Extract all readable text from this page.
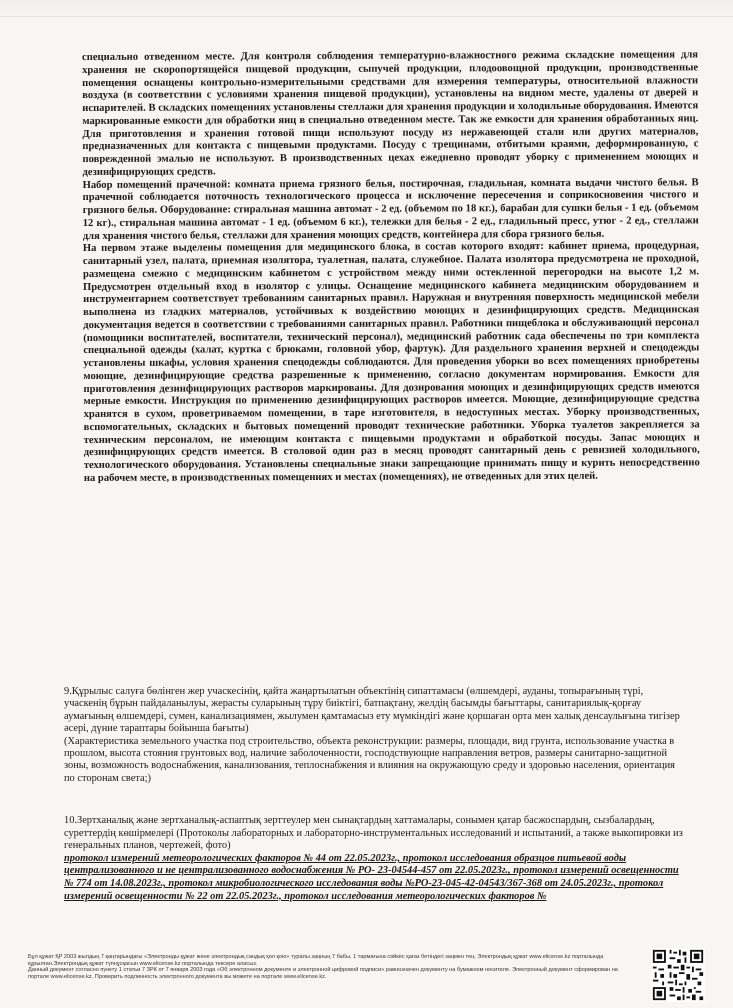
специально отведенном месте. Для контроля соблюдения температурно-влажностного режима складские помещения для хранения не скоропортящейся пищевой продукции, сыпучей продукции, плодоовощной продукции, производственные помещения оснащены контрольно-измерительными средствами для измерения температуры, относительной влажности воздуха (в соответствии с условиями хранения пищевой продукции), установлены на видном месте, удалены от дверей и испарителей. В складских помещениях установлены стеллажи для хранения продукции и холодильные оборудования. Имеются маркированные емкости для обработки яиц в специально отведенном месте. Так же емкости для хранения обработанных яиц. Для приготовления и хранения готовой пищи используют посуду из нержавеющей стали или других материалов, предназначенных для контакта с пищевыми продуктами. Посуду с трещинами, отбитыми краями, деформированную, с поврежденной эмалью не используют. В производственных цехах ежедневно проводят уборку с применением моющих и дезинфицирующих средств.

Набор помещений прачечной: комната приема грязного белья, постирочная, гладильная, комната выдачи чистого белья. В прачечной соблюдается поточность технологического процесса и исключение пересечения и соприкосновения чистого и грязного белья. Оборудование: стиральная машина автомат - 2 ед. (объемом по 18 кг.), барабан для сушки белья - 1 ед. (объемом 12 кг)., стиральная машина автомат - 1 ед. (объемом 6 кг.), тележки для белья - 2 ед., гладильный пресс, утюг - 2 ед., стеллажи для хранения чистого белья, стеллажи для хранения моющих средств, контейнера для сбора грязного белья.

На первом этаже выделены помещения для медицинского блока, в состав которого входят: кабинет приема, процедурная, санитарный узел, палата, приемная изолятора, туалетная, палата, служебное. Палата изолятора предусмотрена не проходной, размещена смежно с медицинским кабинетом с устройством между ними остекленной перегородки на высоте 1,2 м. Предусмотрен отдельный вход в изолятор с улицы. Оснащение медицинского кабинета медицинским оборудованием и инструментарием соответствует требованиям санитарных правил. Наружная и внутренняя поверхность медицинской мебели выполнена из гладких материалов, устойчивых к воздействию моющих и дезинфицирующих средств. Медицинская документация ведется в соответствии с требованиями санитарных правил. Работники пищеблока и обслуживающий персонал (помощники воспитателей, воспитатели, технический персонал), медицинский работник сада обеспечены по три комплекта специальной одежды (халат, куртка с брюками, головной убор, фартук). Для раздельного хранения верхней и спецодежды установлены шкафы, условия хранения спецодежды соблюдаются. Для проведения уборки во всех помещениях приобретены моющие, дезинфицирующие средства разрешенные к применению, согласно документам нормирования. Емкости для приготовления дезинфицирующих растворов маркированы. Для дозирования моющих и дезинфицирующих средств имеются мерные емкости. Инструкция по применению дезинфицирующих растворов имеется. Моющие, дезинфицирующие средства хранятся в сухом, проветриваемом помещении, в таре изготовителя, в недоступных местах. Уборку производственных, вспомогательных, складских и бытовых помещений проводят технические работники. Уборка туалетов закрепляется за техническим персоналом, не имеющим контакта с пищевыми продуктами и обработкой посуды. Запас моющих и дезинфицирующих средств имеется. В столовой один раз в месяц проводят санитарный день с ревизией холодильного, технологического оборудования. Установлены специальные знаки запрещающие принимать пищу и курить непосредственно на рабочем месте, в производственных помещениях и местах (помещениях), не отведенных для этих целей.

9.Құрылыс салуға бөлінген жер учаскесінің, қайта жаңартылатын объектінің сипаттамасы (өлшемдері, ауданы, топырағының түрі, учаскенің бұрын пайдаланылуы, жерасты суларының тұру биіктігі, батпақтану, желдің басымды бағыттары, санитариялық-қорғау аумағының өлшемдері, сумен, канализациямен, жылумен қамтамасыз ету мүмкіндігі және қоршаған орта мен халық денсаулығына тигізер әсері, дүние тараптары бойынша бағыты)

(Характеристика земельного участка под строительство, объекта реконструкции: размеры, площади, вид грунта, использование участка в прошлом, высота стояния грунтовых вод, наличие заболоченности, господствующие направления ветров, размеры санитарно-защитной зоны, возможность водоснабжения, канализования, теплоснабжения и влияния на окружающую среду и здоровью населения, ориентация по сторонам света;)

10.Зертханалық және зертханалық-аспаптық зерттеулер мен сынақтардың хаттамалары, сонымен қатар басжоспардың, сызбалардың, суреттердің көшірмелері (Протоколы лабораторных и лабораторно-инструментальных исследований и испытаний, а также выкопировки из генеральных планов, чертежей, фото)

протокол измерений метеорологических факторов № 44 от 22.05.2023г., протокол исследования образцов питьевой воды централизованного и не централизованного водоснабжения № РО- 23-04544-457 от 22.05.2023г., протокол измерений освещенности № 774 от 14.08.2023г., протокол микробиологического исследования воды №РО-23-045-42-04543/367-368 от 24.05.2023г., протокол измерений освещенности № 22 от 22.05.2023г., протокол исследования метеорологических факторов №

Бұл құжат ҚР 2003 жылдың 7 қаңтарындағы «Электронды құжат және электрондық сандық қол қою» туралы заңның 7 бабы, 1 тармағына сәйкес қағаз бетіндегі заңмен тең. Электрондық құжат www.elicense.kz порталында құрылған.Электрондық құжат түпнұсқасын www.elicense.kz порталында тексере аласыз.

Данный документ согласно пункту 1 статьи 7 ЗРК от 7 января 2003 года «Об электронном документе и электронной цифровой подписи» равнозначен документу на бумажном носителе. Электронный документ сформирован на портале www.elicense.kz. Проверить подлинность электронного документа вы можете на портале www.elicense.kz.
